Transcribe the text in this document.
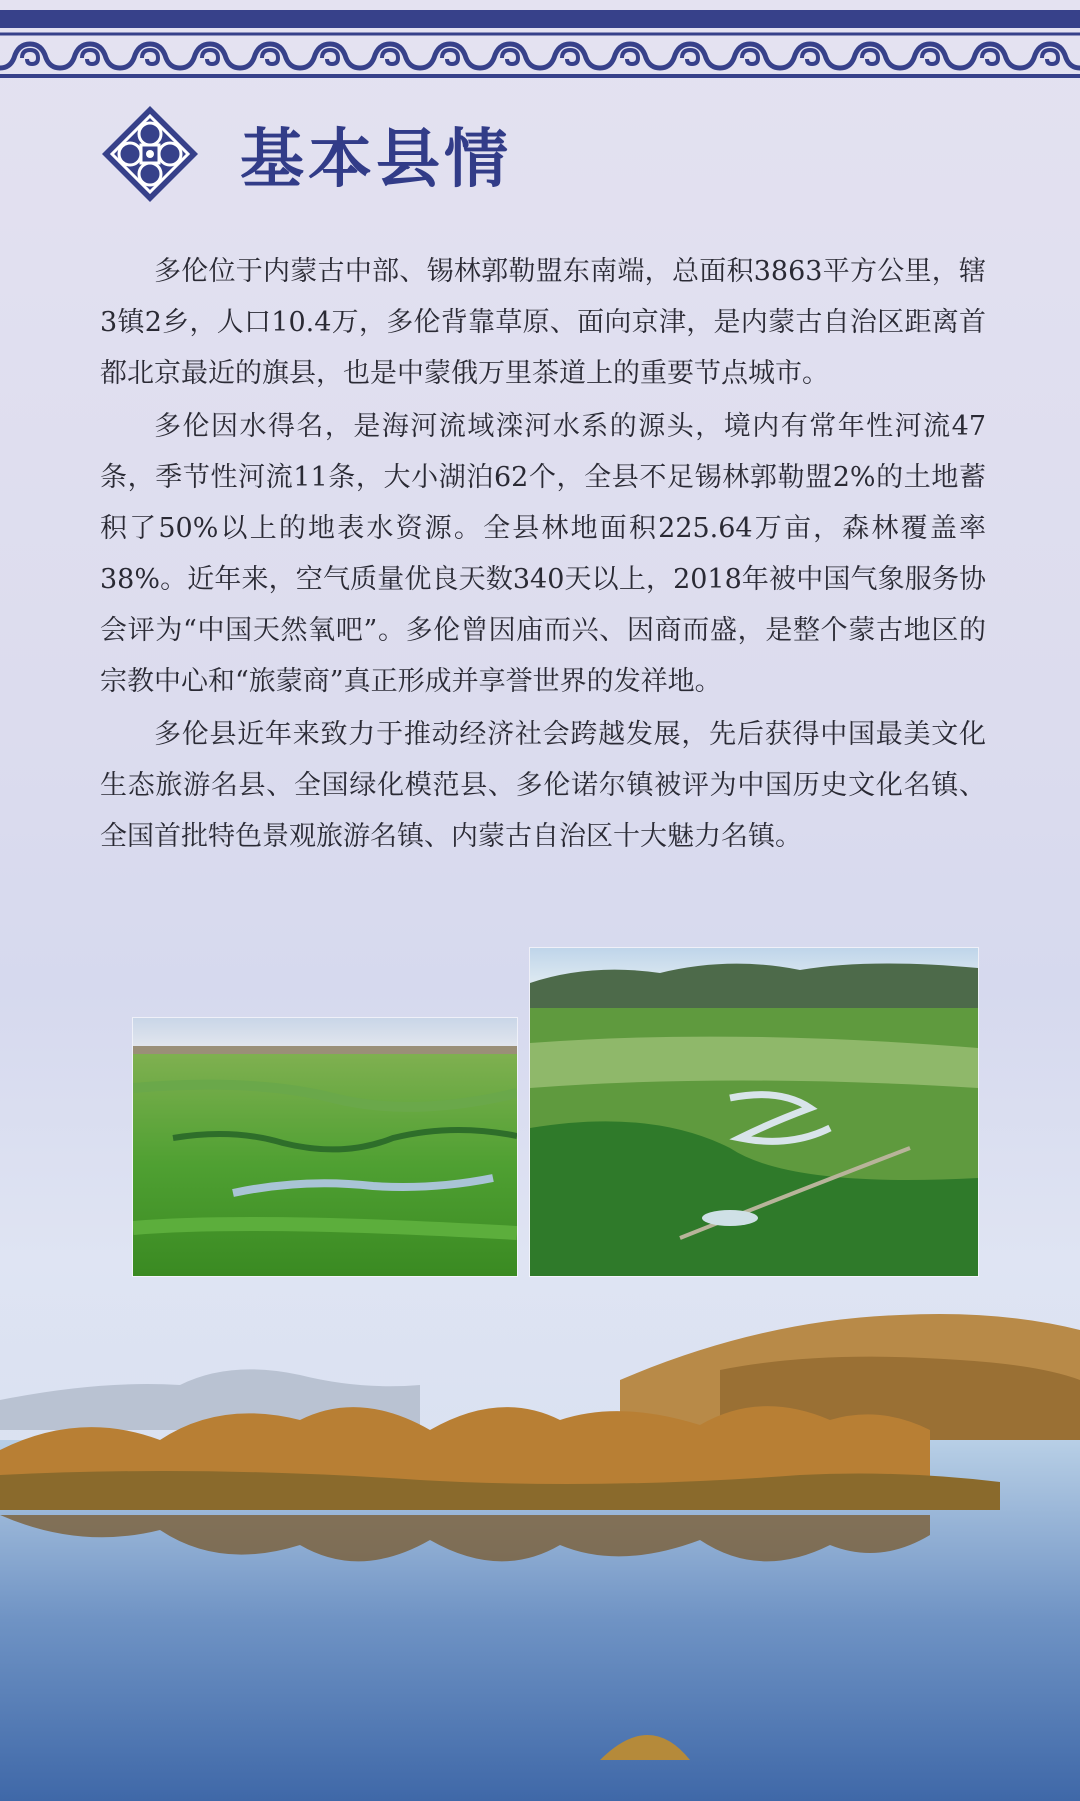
基本县情

多伦位于内蒙古中部、锡林郭勒盟东南端，总面积3863平方公里，辖3镇2乡，人口10.4万，多伦背靠草原、面向京津，是内蒙古自治区距离首都北京最近的旗县，也是中蒙俄万里茶道上的重要节点城市。

多伦因水得名，是海河流域滦河水系的源头，境内有常年性河流47条，季节性河流11条，大小湖泊62个，全县不足锡林郭勒盟2%的土地蓄积了50%以上的地表水资源。全县林地面积225.64万亩，森林覆盖率38%。近年来，空气质量优良天数340天以上，2018年被中国气象服务协会评为“中国天然氧吧”。多伦曾因庙而兴、因商而盛，是整个蒙古地区的宗教中心和“旅蒙商”真正形成并享誉世界的发祥地。

多伦县近年来致力于推动经济社会跨越发展，先后获得中国最美文化生态旅游名县、全国绿化模范县、多伦诺尔镇被评为中国历史文化名镇、全国首批特色景观旅游名镇、内蒙古自治区十大魅力名镇。
